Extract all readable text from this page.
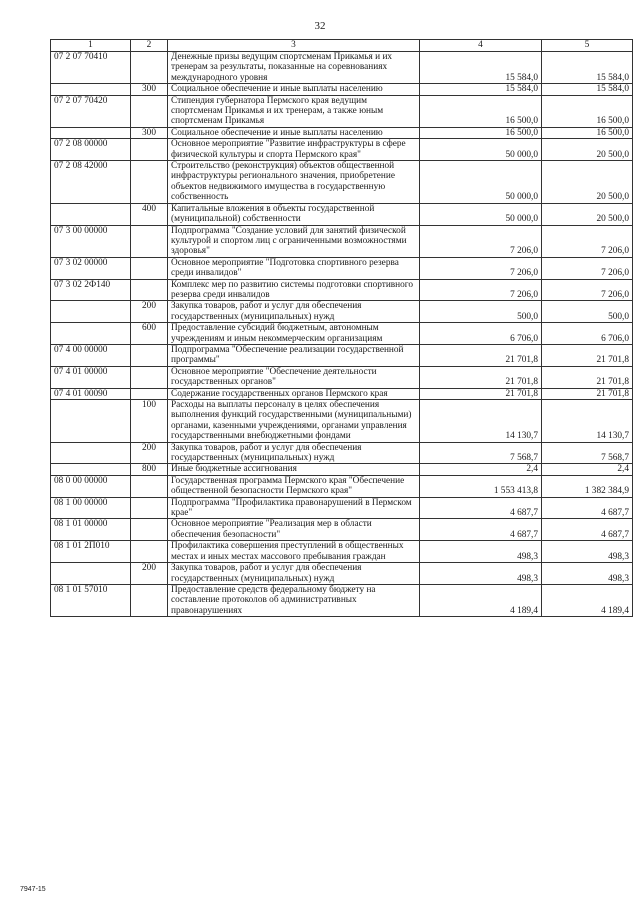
32
1	2	3	4	5
07 2 07 70410		Денежные призы ведущим спортсменам Прикамья и их тренерам за результаты, показанные на соревнованиях международного уровня	15 584,0	15 584,0
	300	Социальное обеспечение и иные выплаты населению	15 584,0	15 584,0
07 2 07 70420		Стипендия губернатора Пермского края ведущим спортсменам Прикамья и их тренерам, а также юным спортсменам Прикамья	16 500,0	16 500,0
	300	Социальное обеспечение и иные выплаты населению	16 500,0	16 500,0
07 2 08 00000		Основное мероприятие "Развитие инфраструктуры в сфере физической культуры и спорта Пермского края"	50 000,0	20 500,0
07 2 08 42000		Строительство (реконструкция) объектов общественной инфраструктуры регионального значения, приобретение объектов недвижимого имущества в государственную собственность	50 000,0	20 500,0
	400	Капитальные вложения в объекты государственной (муниципальной) собственности	50 000,0	20 500,0
07 3 00 00000		Подпрограмма "Создание условий для занятий физической культурой и спортом лиц с ограниченными возможностями здоровья"	7 206,0	7 206,0
07 3 02 00000		Основное мероприятие "Подготовка спортивного резерва среди инвалидов"	7 206,0	7 206,0
07 3 02 2Ф140		Комплекс мер по развитию системы подготовки спортивного резерва среди инвалидов	7 206,0	7 206,0
	200	Закупка товаров, работ и услуг для обеспечения государственных (муниципальных) нужд	500,0	500,0
	600	Предоставление субсидий бюджетным, автономным учреждениям и иным некоммерческим организациям	6 706,0	6 706,0
07 4 00 00000		Подпрограмма "Обеспечение реализации государственной программы"	21 701,8	21 701,8
07 4 01 00000		Основное мероприятие "Обеспечение деятельности государственных органов"	21 701,8	21 701,8
07 4 01 00090		Содержание государственных органов Пермского края	21 701,8	21 701,8
	100	Расходы на выплаты персоналу в целях обеспечения выполнения функций государственными (муниципальными) органами, казенными учреждениями, органами управления государственными внебюджетными фондами	14 130,7	14 130,7
	200	Закупка товаров, работ и услуг для обеспечения государственных (муниципальных) нужд	7 568,7	7 568,7
	800	Иные бюджетные ассигнования	2,4	2,4
08 0 00 00000		Государственная программа Пермского края "Обеспечение общественной безопасности Пермского края"	1 553 413,8	1 382 384,9
08 1 00 00000		Подпрограмма "Профилактика правонарушений в Пермском крае"	4 687,7	4 687,7
08 1 01 00000		Основное мероприятие "Реализация мер в области обеспечения безопасности"	4 687,7	4 687,7
08 1 01 2П010		Профилактика совершения преступлений в общественных местах и иных местах массового пребывания граждан	498,3	498,3
	200	Закупка товаров, работ и услуг для обеспечения государственных (муниципальных) нужд	498,3	498,3
08 1 01 57010		Предоставление средств федеральному бюджету на составление протоколов об административных правонарушениях	4 189,4	4 189,4
7947-15
